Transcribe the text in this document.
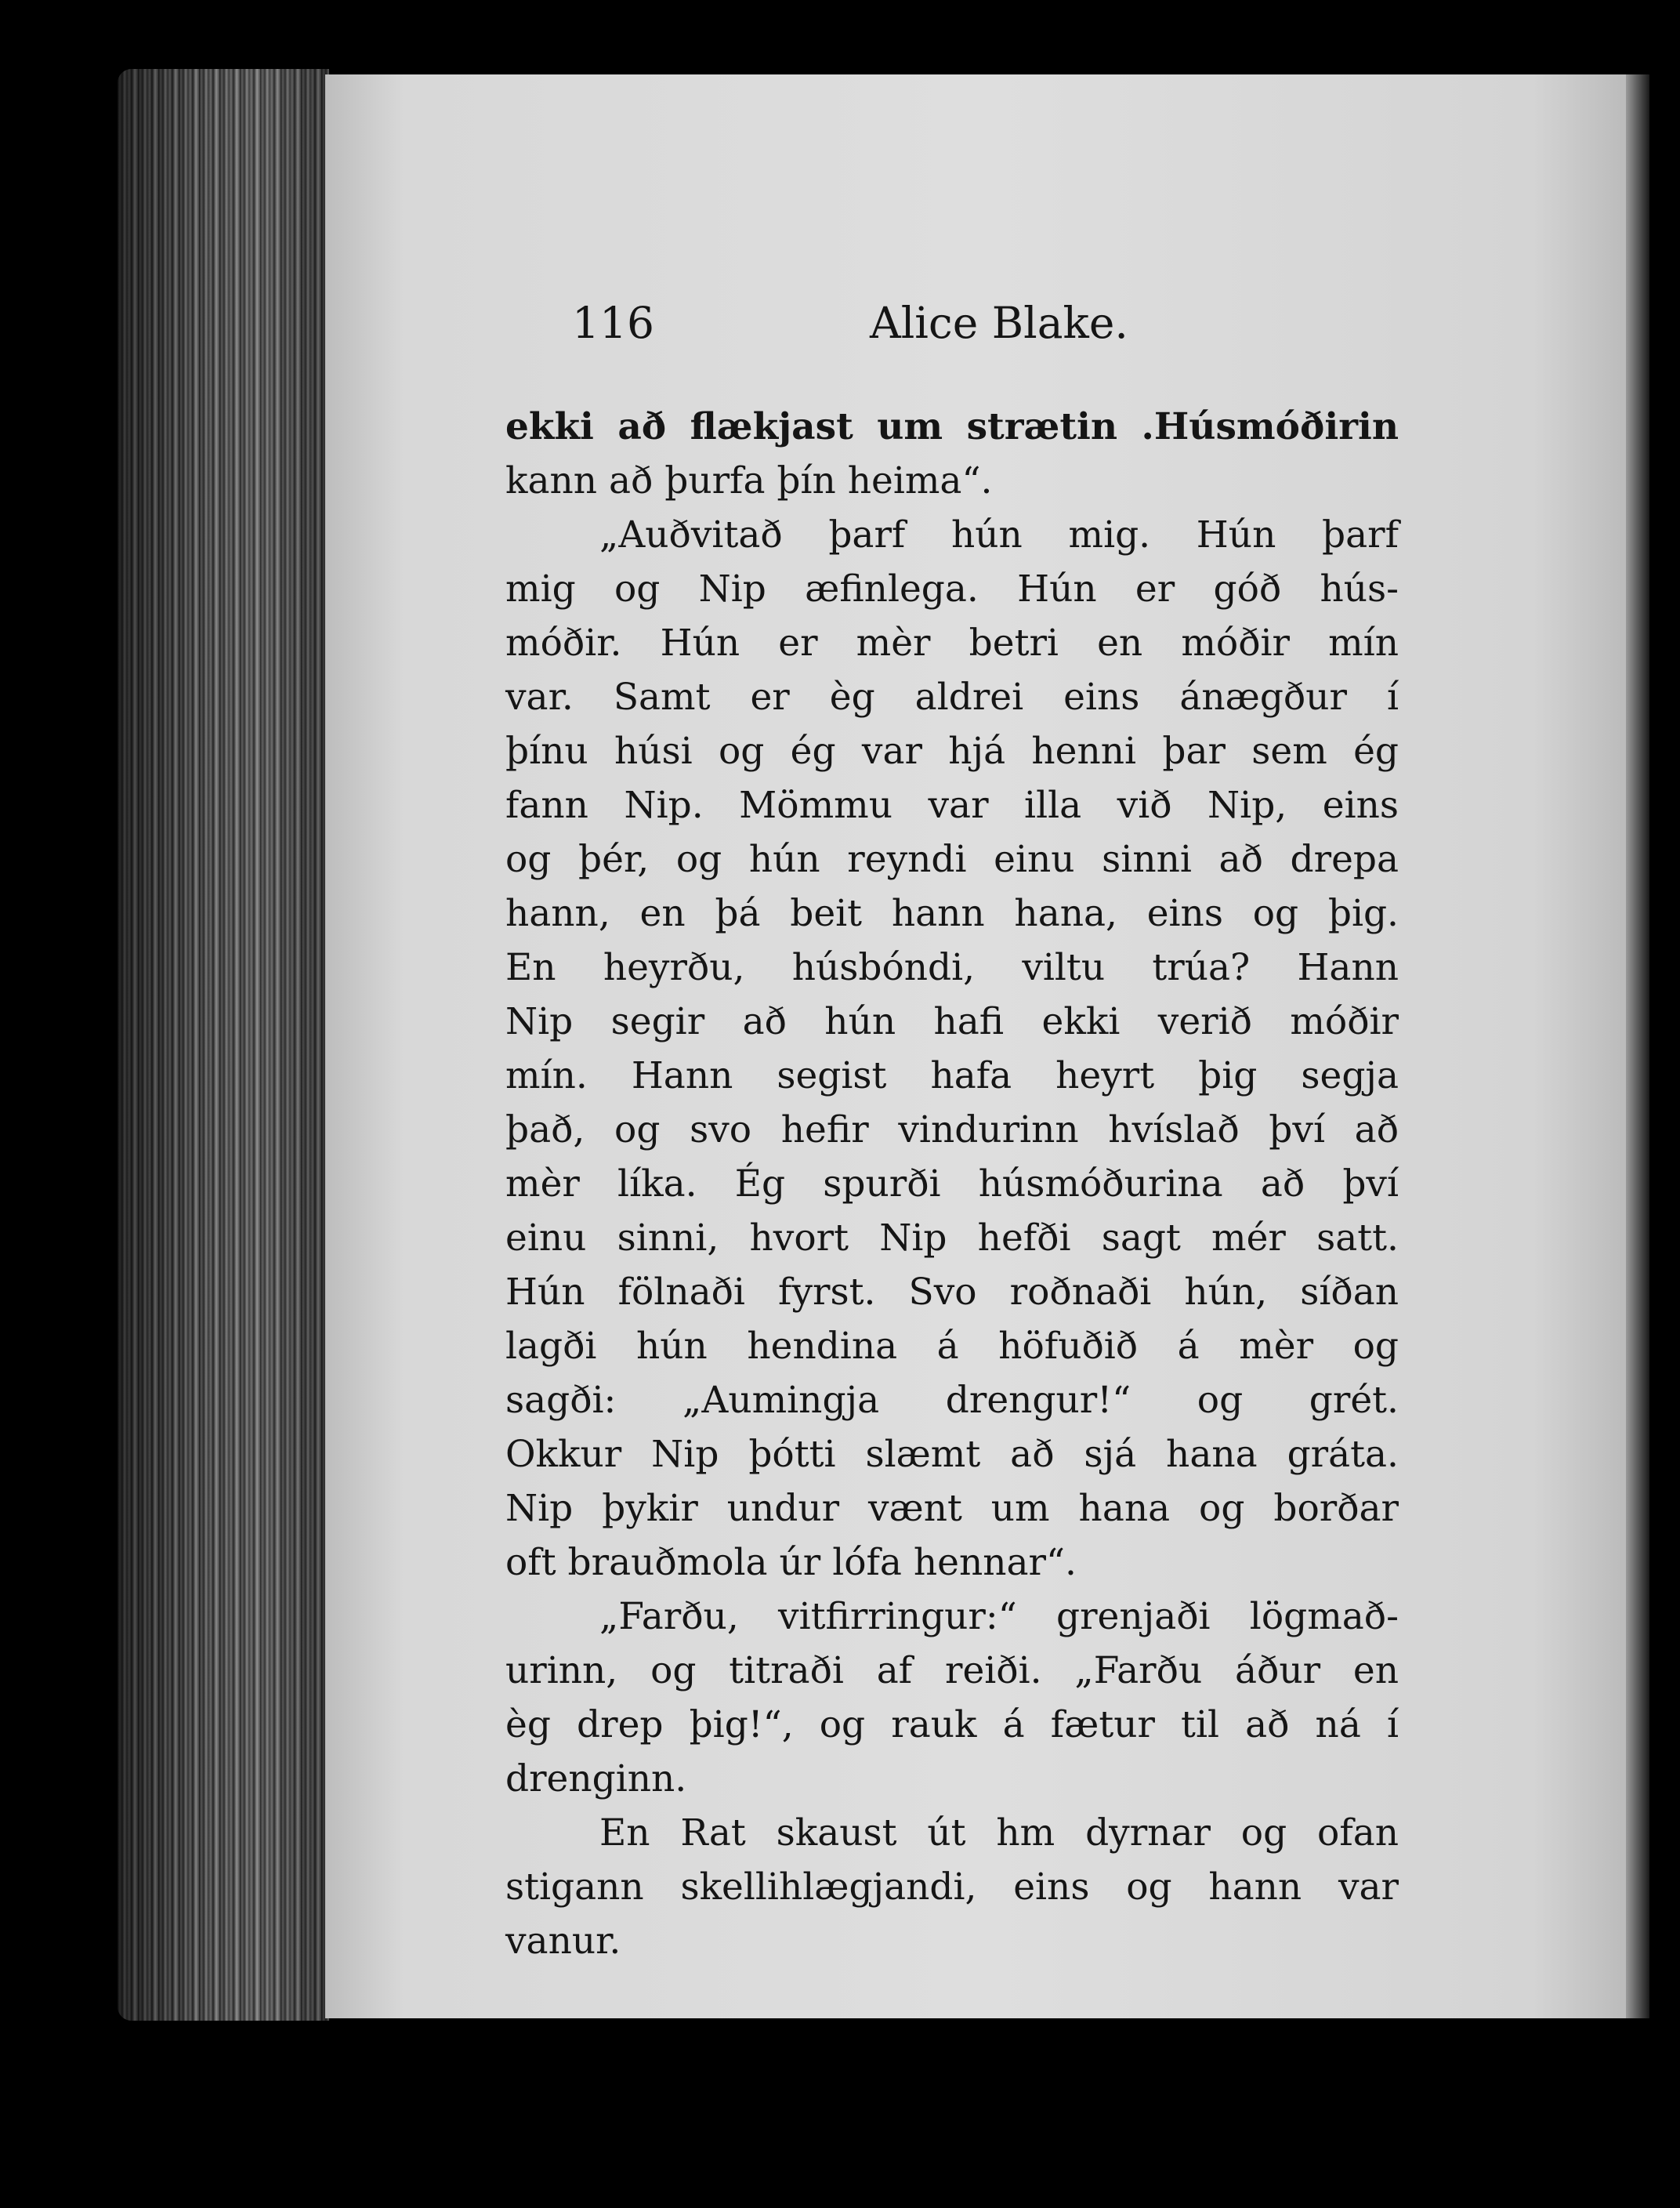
116	Alice Blake.
ekki að flækjast um strætin .Húsmóðirin
kann að þurfa þín heima“.
„Auðvitað þarf hún mig. Hún þarf
mig og Nip æfinlega. Hún er góð hús-
móðir. Hún er mèr betri en móðir mín
var. Samt er èg aldrei eins ánægður í
þínu húsi og ég var hjá henni þar sem ég
fann Nip. Mömmu var illa við Nip, eins
og þér, og hún reyndi einu sinni að drepa
hann, en þá beit hann hana, eins og þig.
En heyrðu, húsbóndi, viltu trúa? Hann
Nip segir að hún hafi ekki verið móðir
mín. Hann segist hafa heyrt þig segja
það, og svo hefir vindurinn hvíslað því að
mèr líka. Ég spurði húsmóðurina að því
einu sinni, hvort Nip hefði sagt mér satt.
Hún fölnaði fyrst. Svo roðnaði hún, síðan
lagði hún hendina á höfuðið á mèr og
sagði: „Aumingja drengur!“ og grét.
Okkur Nip þótti slæmt að sjá hana gráta.
Nip þykir undur vænt um hana og borðar
oft brauðmola úr lófa hennar“.
„Farðu, vitfirringur:“ grenjaði lögmað-
urinn, og titraði af reiði. „Farðu áður en
èg drep þig!“, og rauk á fætur til að ná í
drenginn.
En Rat skaust út hm dyrnar og ofan
stigann skellihlægjandi, eins og hann var
vanur.
